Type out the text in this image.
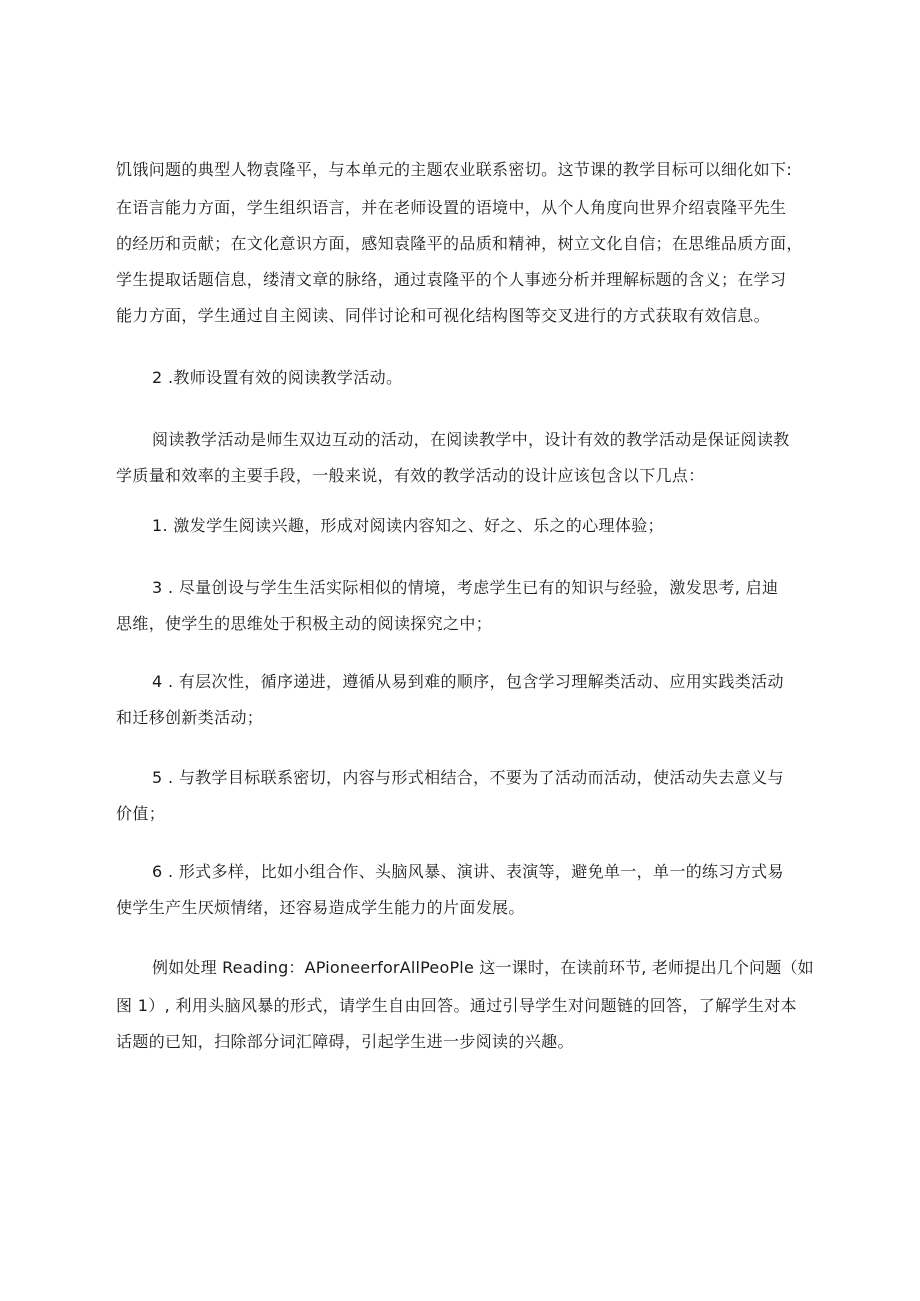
饥饿问题的典型人物袁隆平，与本单元的主题农业联系密切。这节课的教学目标可以细化如下:
在语言能力方面，学生组织语言，并在老师设置的语境中，从个人角度向世界介绍袁隆平先生
的经历和贡献；在文化意识方面，感知袁隆平的品质和精神，树立文化自信；在思维品质方面，
学生提取话题信息，缕清文章的脉络，通过袁隆平的个人事迹分析并理解标题的含义；在学习
能力方面，学生通过自主阅读、同伴讨论和可视化结构图等交叉进行的方式获取有效信息。
2 .教师设置有效的阅读教学活动。
阅读教学活动是师生双边互动的活动，在阅读教学中，设计有效的教学活动是保证阅读教
学质量和效率的主要手段，一般来说，有效的教学活动的设计应该包含以下几点：
1. 激发学生阅读兴趣，形成对阅读内容知之、好之、乐之的心理体验；
3 . 尽量创设与学生生活实际相似的情境，考虑学生已有的知识与经验，激发思考, 启迪
思维，使学生的思维处于积极主动的阅读探究之中；
4 . 有层次性，循序递进，遵循从易到难的顺序，包含学习理解类活动、应用实践类活动
和迁移创新类活动；
5 . 与教学目标联系密切，内容与形式相结合，不要为了活动而活动，使活动失去意义与
价值；
6 . 形式多样，比如小组合作、头脑风暴、演讲、表演等，避免单一，单一的练习方式易
使学生产生厌烦情绪，还容易造成学生能力的片面发展。
例如处理 Reading：APioneerforAllPeoPle 这一课时，在读前环节, 老师提出几个问题（如
图 1）, 利用头脑风暴的形式，请学生自由回答。通过引导学生对问题链的回答，了解学生对本
话题的已知，扫除部分词汇障碍，引起学生进一步阅读的兴趣。
